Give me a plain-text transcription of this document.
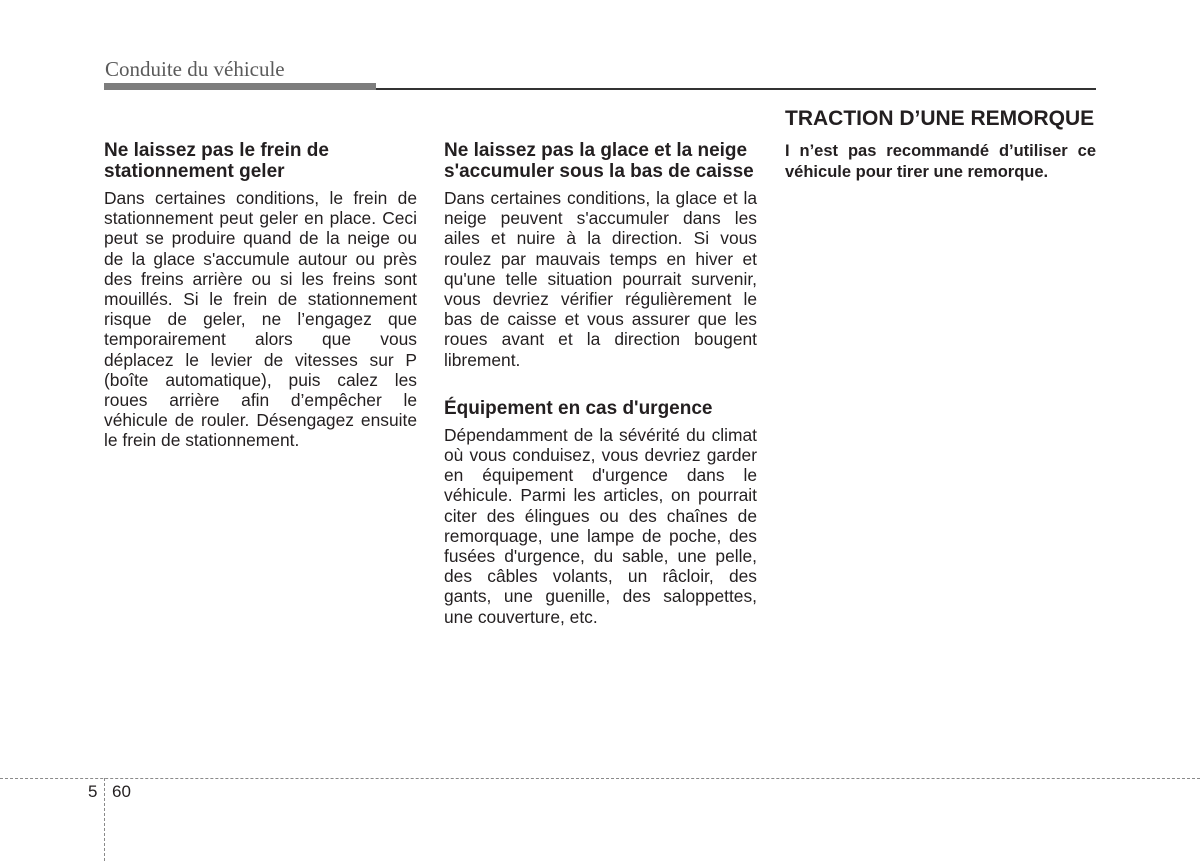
Conduite du véhicule
Ne laissez pas le frein de stationnement geler

Dans certaines conditions, le frein de stationnement peut geler en place. Ceci peut se produire quand de la neige ou de la glace s'accumule autour ou près des freins arrière ou si les freins sont mouillés. Si le frein de stationnement risque de geler, ne l’engagez que temporairement alors que vous déplacez le levier de vitesses sur P (boîte automatique), puis calez les roues arrière afin d’empêcher le véhicule de rouler. Désengagez ensuite le frein de stationnement.

Ne laissez pas la glace et la neige s'accumuler sous la bas de caisse

Dans certaines conditions, la glace et la neige peuvent s'accumuler dans les ailes et nuire à la direction. Si vous roulez par mauvais temps en hiver et qu'une telle situation pourrait survenir, vous devriez vérifier régulièrement le bas de caisse et vous assurer que les roues avant et la direction bougent librement.

Équipement en cas d'urgence

Dépendamment de la sévérité du climat où vous conduisez, vous devriez garder en équipement d'urgence dans le véhicule. Parmi les articles, on pourrait citer des élingues ou des chaînes de remorquage, une lampe de poche, des fusées d'urgence, du sable, une pelle, des câbles volants, un râcloir, des gants, une guenille, des saloppettes, une couverture, etc.

TRACTION D’UNE REMORQUE

I n’est pas recommandé d’utiliser ce véhicule pour tirer une remorque.

5 60
